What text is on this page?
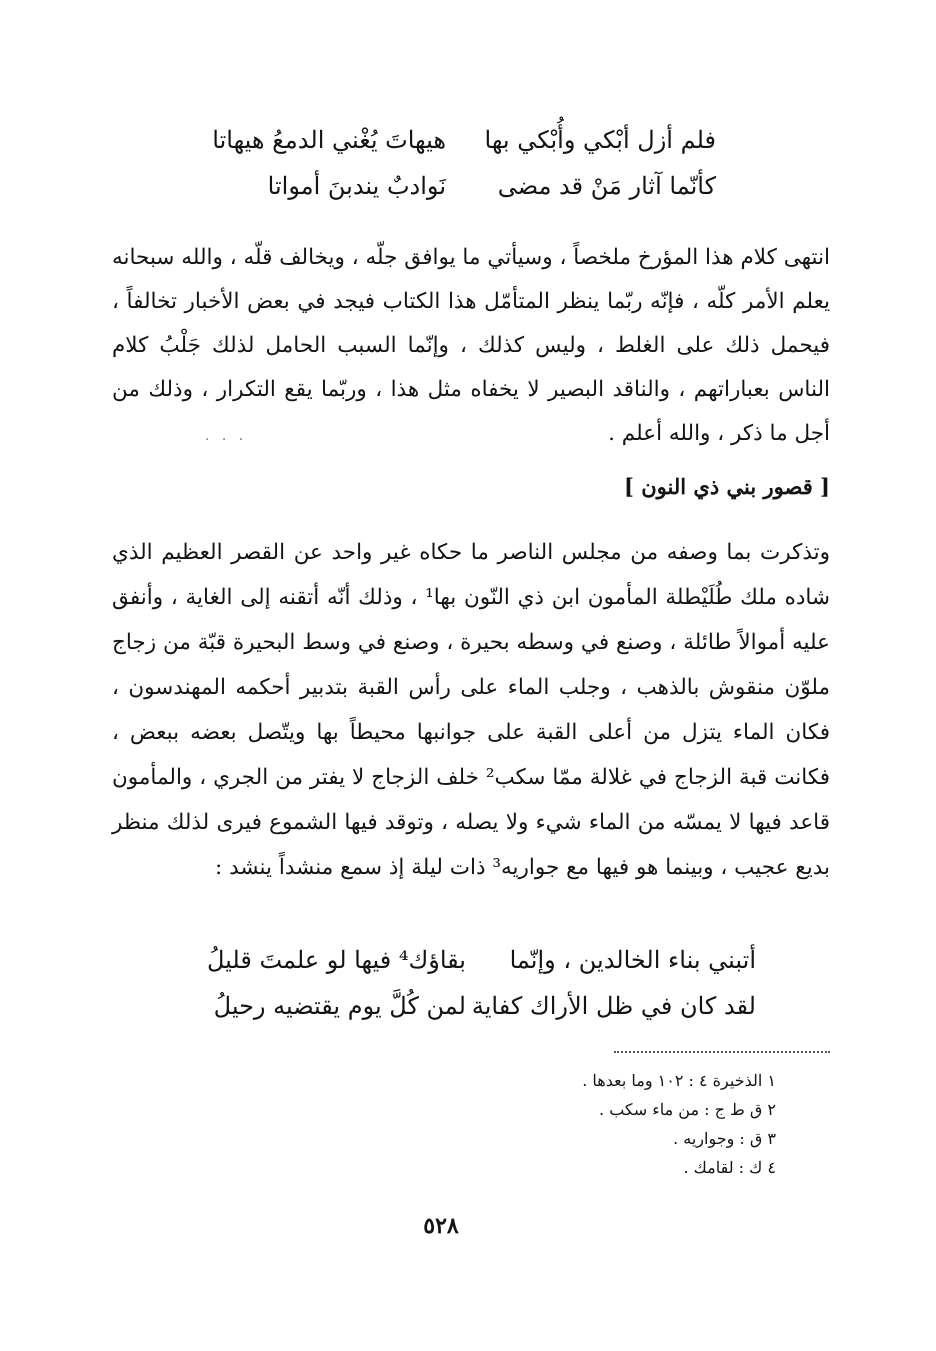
فلم أزل أبْكي وأُبْكي بها
هيهاتَ يُغْني الدمعُ هيهاتا
كأنّما آثار مَنْ قد مضى
نَوادبٌ يندبنَ أمواتا
انتهى كلام هذا المؤرخ ملخصاً ، وسيأتي ما يوافق جلّه ، ويخالف قلّه ، والله سبحانه يعلم الأمر كلّه ، فإنّه ربّما ينظر المتأمّل هذا الكتاب فيجد في بعض الأخبار تخالفاً ، فيحمل ذلك على الغلط ، وليس كذلك ، وإنّما السبب الحامل لذلك جَلْبُ كلام الناس بعباراتهم ، والناقد البصير لا يخفاه مثل هذا ، وربّما يقع التكرار ، وذلك من أجل ما ذكر ، والله أعلم .
. . .
[ قصور بني ذي النون ]
وتذكرت بما وصفه من مجلس الناصر ما حكاه غير واحد عن القصر العظيم الذي شاده ملك طُلَيْطلة المأمون ابن ذي النّون بها¹ ، وذلك أنّه أتقنه إلى الغاية ، وأنفق عليه أموالاً طائلة ، وصنع في وسطه بحيرة ، وصنع في وسط البحيرة قبّة من زجاج ملوّن منقوش بالذهب ، وجلب الماء على رأس القبة بتدبير أحكمه المهندسون ، فكان الماء يتزل من أعلى القبة على جوانبها محيطاً بها ويتّصل بعضه ببعض ، فكانت قبة الزجاج في غلالة ممّا سكب² خلف الزجاج لا يفتر من الجري ، والمأمون قاعد فيها لا يمسّه من الماء شيء ولا يصله ، وتوقد فيها الشموع فيرى لذلك منظر بديع عجيب ، وبينما هو فيها مع جواريه³ ذات ليلة إذ سمع منشداً ينشد :
أتبني بناء الخالدين ، وإنّما
بقاؤك⁴ فيها لو علمتَ قليلُ
لقد كان في ظل الأراك كفاية
لمن كُلَّ يوم يقتضيه رحيلُ
١ الذخيرة ٤ : ١٠٢ وما بعدها .
٢ ق ط ج : من ماء سكب .
٣ ق : وجواريه .
٤ ك : لقامك .
٥٢٨
